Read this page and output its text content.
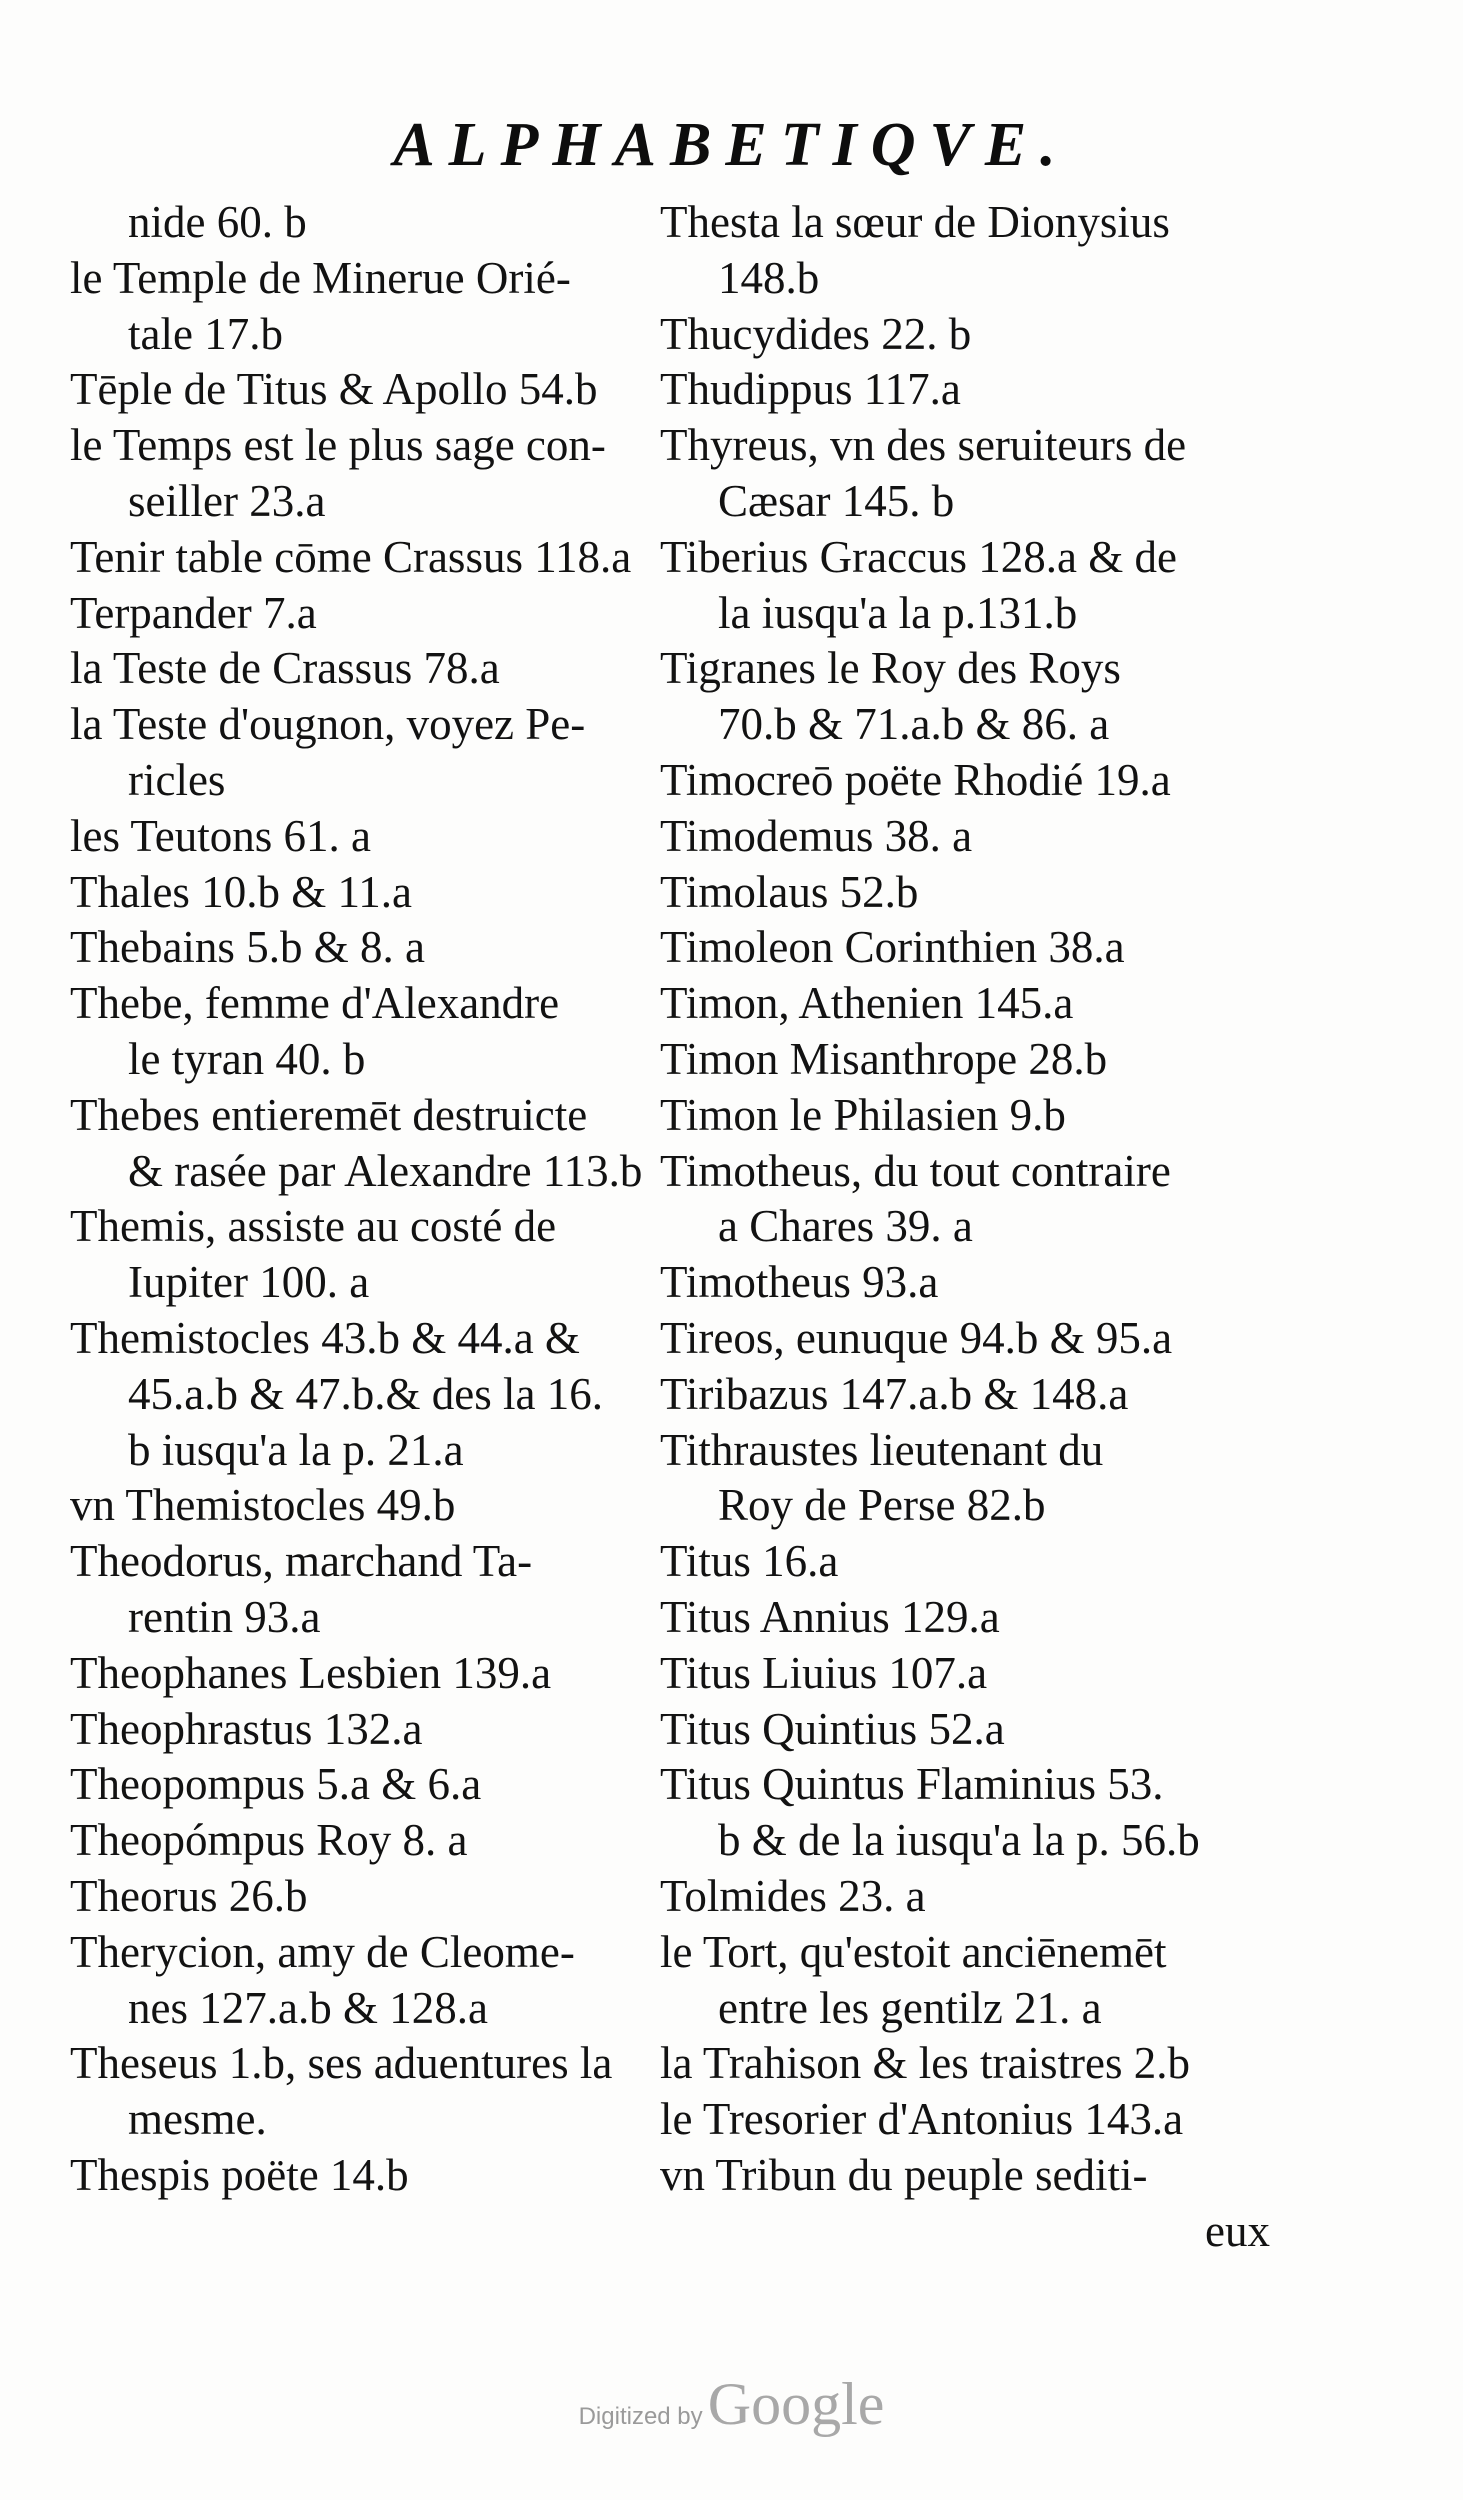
ALPHABETIQVE.
nide 60. b
le Temple de Minerue Orié-
tale 17.b
Tēple de Titus & Apollo 54.b
le Temps est le plus sage con-
seiller 23.a
Tenir table cōme Crassus 118.a
Terpander 7.a
la Teste de Crassus 78.a
la Teste d'ougnon, voyez Pe-
ricles
les Teutons 61. a
Thales 10.b & 11.a
Thebains 5.b & 8. a
Thebe, femme d'Alexandre
le tyran 40. b
Thebes entieremēt destruicte
& rasée par Alexandre 113.b
Themis, assiste au costé de
Iupiter 100. a
Themistocles 43.b & 44.a &
45.a.b & 47.b.& des la 16.
b iusqu'a la p. 21.a
vn Themistocles 49.b
Theodorus, marchand Ta-
rentin 93.a
Theophanes Lesbien 139.a
Theophrastus 132.a
Theopompus 5.a & 6.a
Theopómpus Roy 8. a
Theorus 26.b
Therycion, amy de Cleome-
nes 127.a.b & 128.a
Theseus 1.b, ses aduentures la
mesme.
Thespis poëte 14.b
Thesta la sœur de Dionysius
148.b
Thucydides 22. b
Thudippus 117.a
Thyreus, vn des seruiteurs de
Cæsar 145. b
Tiberius Graccus 128.a & de
la iusqu'a la p.131.b
Tigranes le Roy des Roys
70.b & 71.a.b & 86. a
Timocreō poëte Rhodié 19.a
Timodemus 38. a
Timolaus 52.b
Timoleon Corinthien 38.a
Timon, Athenien 145.a
Timon Misanthrope 28.b
Timon le Philasien 9.b
Timotheus, du tout contraire
a Chares 39. a
Timotheus 93.a
Tireos, eunuque 94.b & 95.a
Tiribazus 147.a.b & 148.a
Tithraustes lieutenant du
Roy de Perse 82.b
Titus 16.a
Titus Annius 129.a
Titus Liuius 107.a
Titus Quintius 52.a
Titus Quintus Flaminius 53.
b & de la iusqu'a la p. 56.b
Tolmides 23. a
le Tort, qu'estoit anciēnemēt
entre les gentilz 21. a
la Trahison & les traistres 2.b
le Tresorier d'Antonius 143.a
vn Tribun du peuple sediti-
eux
Digitized by Google
